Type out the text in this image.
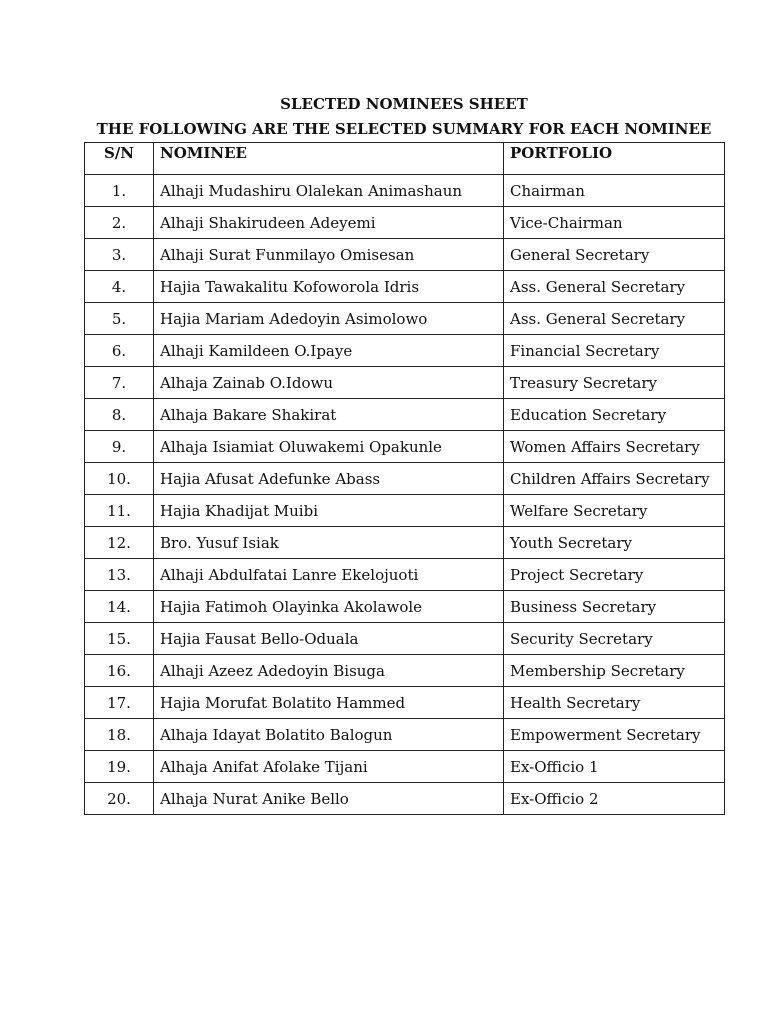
SLECTED NOMINEES SHEET
THE FOLLOWING ARE THE SELECTED SUMMARY FOR EACH NOMINEE
S/N	NOMINEE	PORTFOLIO
1.	Alhaji Mudashiru Olalekan Animashaun	Chairman
2.	Alhaji Shakirudeen Adeyemi	Vice-Chairman
3.	Alhaji Surat Funmilayo Omisesan	General Secretary
4.	Hajia Tawakalitu Kofoworola Idris	Ass. General Secretary
5.	Hajia Mariam Adedoyin Asimolowo	Ass. General Secretary
6.	Alhaji Kamildeen O.Ipaye	Financial Secretary
7.	Alhaja Zainab O.Idowu	Treasury Secretary
8.	Alhaja Bakare Shakirat	Education Secretary
9.	Alhaja Isiamiat Oluwakemi Opakunle	Women Affairs Secretary
10.	Hajia Afusat Adefunke Abass	Children Affairs Secretary
11.	Hajia Khadijat Muibi	Welfare Secretary
12.	Bro. Yusuf Isiak	Youth Secretary
13.	Alhaji Abdulfatai Lanre Ekelojuoti	Project Secretary
14.	Hajia Fatimoh Olayinka Akolawole	Business Secretary
15.	Hajia Fausat Bello-Oduala	Security Secretary
16.	Alhaji Azeez Adedoyin Bisuga	Membership Secretary
17.	Hajia Morufat Bolatito Hammed	Health Secretary
18.	Alhaja Idayat Bolatito Balogun	Empowerment Secretary
19.	Alhaja Anifat Afolake Tijani	Ex-Officio 1
20.	Alhaja Nurat Anike Bello	Ex-Officio 2
